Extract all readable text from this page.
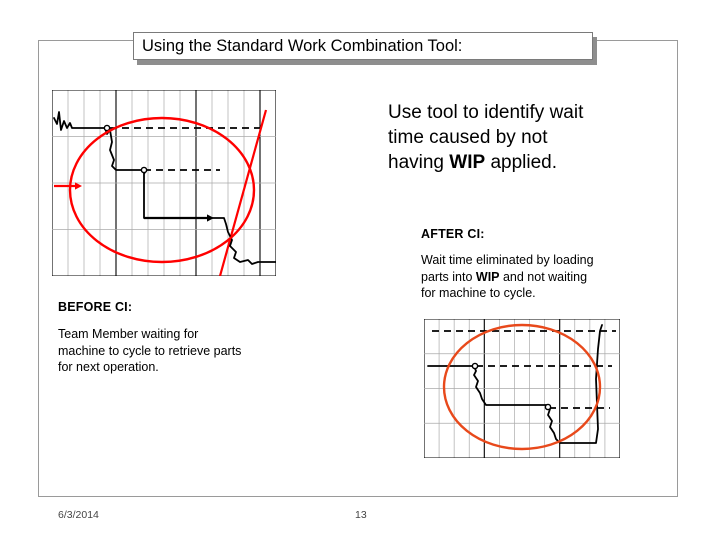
Using the Standard Work Combination Tool:
Use tool to identify wait
time caused by not
having WIP applied.
AFTER CI:
Wait time eliminated by loading
parts into WIP and not waiting
for machine to cycle.
BEFORE CI:
Team Member waiting for
machine to cycle to retrieve parts
for next operation.
6/3/2014	13
